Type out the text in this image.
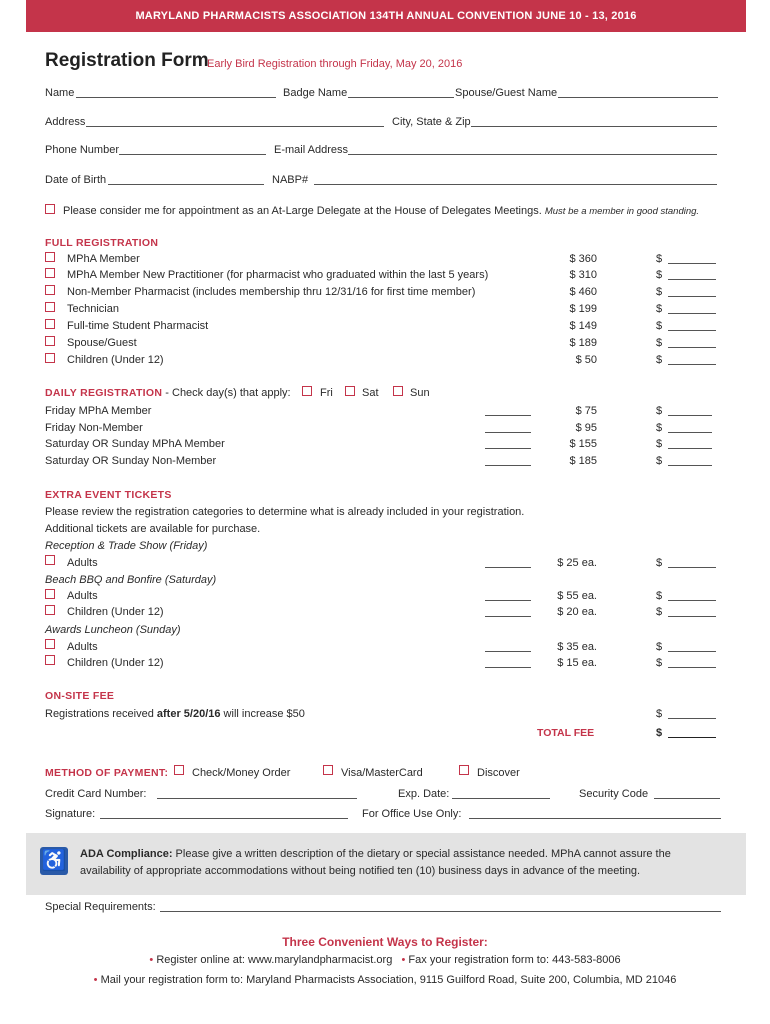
MARYLAND PHARMACISTS ASSOCIATION 134TH ANNUAL CONVENTION JUNE 10 - 13, 2016
Registration Form
Early Bird Registration through Friday, May 20, 2016
Name	Badge Name	Spouse/Guest Name
Address	City, State & Zip
Phone Number	E-mail Address
Date of Birth	NABP#
Please consider me for appointment as an At-Large Delegate at the House of Delegates Meetings. Must be a member in good standing.
FULL REGISTRATION
MPhA Member	$ 360	$
MPhA Member New Practitioner (for pharmacist who graduated within the last 5 years)	$ 310	$
Non-Member Pharmacist (includes membership thru 12/31/16 for first time member)	$ 460	$
Technician	$ 199	$
Full-time Student Pharmacist	$ 149	$
Spouse/Guest	$ 189	$
Children (Under 12)	$ 50	$
DAILY REGISTRATION - Check day(s) that apply:	Fri	Sat	Sun
Friday MPhA Member	$ 75	$
Friday Non-Member	$ 95	$
Saturday OR Sunday MPhA Member	$ 155	$
Saturday OR Sunday Non-Member	$ 185	$
EXTRA EVENT TICKETS
Please review the registration categories to determine what is already included in your registration.
Additional tickets are available for purchase.
Reception & Trade Show (Friday)
Adults	$ 25 ea.	$
Beach BBQ and Bonfire (Saturday)
Adults	$ 55 ea.	$
Children (Under 12)	$ 20 ea.	$
Awards Luncheon (Sunday)
Adults	$ 35 ea.	$
Children (Under 12)	$ 15 ea.	$
ON-SITE FEE
Registrations received after 5/20/16 will increase $50	$
TOTAL FEE	$
METHOD OF PAYMENT: Check/Money Order	Visa/MasterCard	Discover
Credit Card Number:	Exp. Date:	Security Code
Signature:	For Office Use Only:
♿ ADA Compliance: Please give a written description of the dietary or special assistance needed. MPhA cannot assure the
availability of appropriate accommodations without being notified ten (10) business days in advance of the meeting.
Special Requirements:
Three Convenient Ways to Register:
• Register online at: www.marylandpharmacist.org • Fax your registration form to: 443-583-8006
• Mail your registration form to: Maryland Pharmacists Association, 9115 Guilford Road, Suite 200, Columbia, MD 21046
